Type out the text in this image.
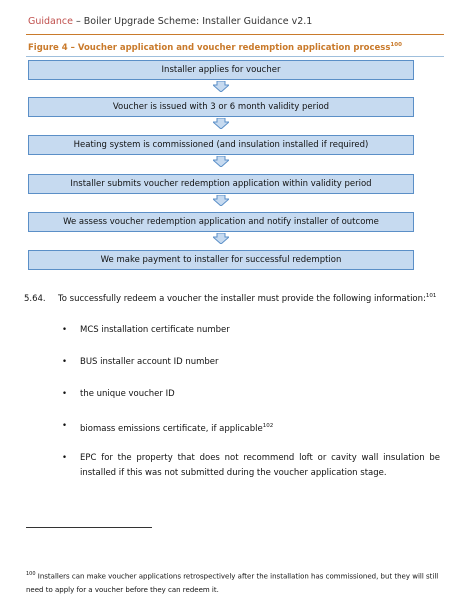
Guidance – Boiler Upgrade Scheme: Installer Guidance v2.1
Figure 4 – Voucher application and voucher redemption application process$^{100}$
Installer applies for voucher
Voucher is issued with 3 or 6 month validity period
Heating system is commissioned (and insulation installed if required)
Installer submits voucher redemption application within validity period
We assess voucher redemption application and notify installer of outcome
We make payment to installer for successful redemption
5.64. To successfully redeem a voucher the installer must provide the following information:$^{101}$
• MCS installation certificate number
• BUS installer account ID number
• the unique voucher ID
• biomass emissions certificate, if applicable$^{102}$
• EPC for the property that does not recommend loft or cavity wall insulation be installed if this was not submitted during the voucher application stage.
$^{100}$ Installers can make voucher applications retrospectively after the installation has commissioned, but they will still need to apply for a voucher before they can redeem it.
